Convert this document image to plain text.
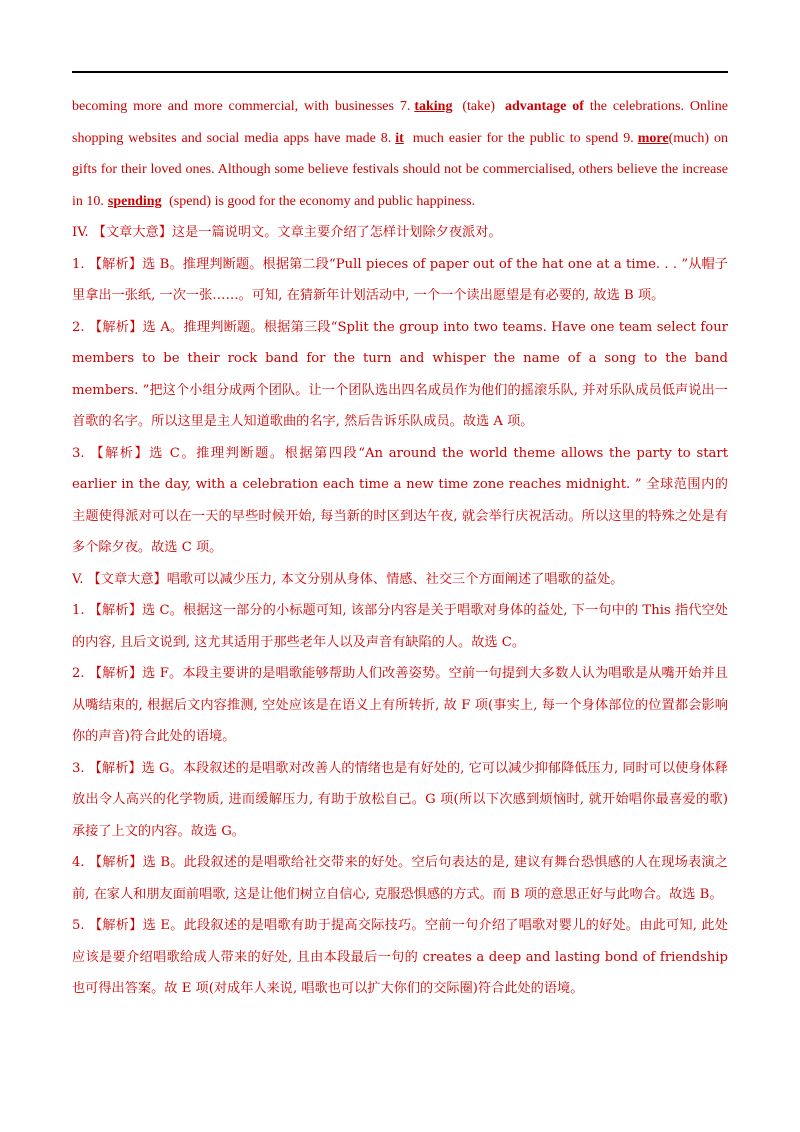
becoming more and more commercial, with businesses 7. taking (take) advantage of the celebrations. Online shopping websites and social media apps have made 8. it much easier for the public to spend 9. more(much) on gifts for their loved ones. Although some believe festivals should not be commercialised, others believe the increase in 10. spending (spend) is good for the economy and public happiness.

IV. 【文章大意】这是一篇说明文。文章主要介绍了怎样计划除夕夜派对。

1. 【解析】选 B。推理判断题。根据第二段“Pull pieces of paper out of the hat one at a time. . . ”从帽子里拿出一张纸, 一次一张……。可知, 在猜新年计划活动中, 一个一个读出愿望是有必要的, 故选 B 项。

2. 【解析】选 A。推理判断题。根据第三段“Split the group into two teams. Have one team select four members to be their rock band for the turn and whisper the name of a song to the band members. ”把这个小组分成两个团队。让一个团队选出四名成员作为他们的摇滚乐队, 并对乐队成员低声说出一首歌的名字。所以这里是主人知道歌曲的名字, 然后告诉乐队成员。故选 A 项。

3. 【解析】选 C。推理判断题。根据第四段“An around the world theme allows the party to start earlier in the day, with a celebration each time a new time zone reaches midnight. ” 全球范围内的主题使得派对可以在一天的早些时候开始, 每当新的时区到达午夜, 就会举行庆祝活动。所以这里的特殊之处是有多个除夕夜。故选 C 项。

V. 【文章大意】唱歌可以减少压力, 本文分别从身体、情感、社交三个方面阐述了唱歌的益处。

1. 【解析】选 C。根据这一部分的小标题可知, 该部分内容是关于唱歌对身体的益处, 下一句中的 This 指代空处的内容, 且后文说到, 这尤其适用于那些老年人以及声音有缺陷的人。故选 C。

2. 【解析】选 F。本段主要讲的是唱歌能够帮助人们改善姿势。空前一句提到大多数人认为唱歌是从嘴开始并且从嘴结束的, 根据后文内容推测, 空处应该是在语义上有所转折, 故 F 项(事实上, 每一个身体部位的位置都会影响你的声音)符合此处的语境。

3. 【解析】选 G。本段叙述的是唱歌对改善人的情绪也是有好处的, 它可以减少抑郁降低压力, 同时可以使身体释放出令人高兴的化学物质, 进而缓解压力, 有助于放松自己。G 项(所以下次感到烦恼时, 就开始唱你最喜爱的歌)承接了上文的内容。故选 G。

4. 【解析】选 B。此段叙述的是唱歌给社交带来的好处。空后句表达的是, 建议有舞台恐惧感的人在现场表演之前, 在家人和朋友面前唱歌, 这是让他们树立自信心, 克服恐惧感的方式。而 B 项的意思正好与此吻合。故选 B。

5. 【解析】选 E。此段叙述的是唱歌有助于提高交际技巧。空前一句介绍了唱歌对婴儿的好处。由此可知, 此处应该是要介绍唱歌给成人带来的好处, 且由本段最后一句的 creates a deep and lasting bond of friendship 也可得出答案。故 E 项(对成年人来说, 唱歌也可以扩大你们的交际圈)符合此处的语境。
